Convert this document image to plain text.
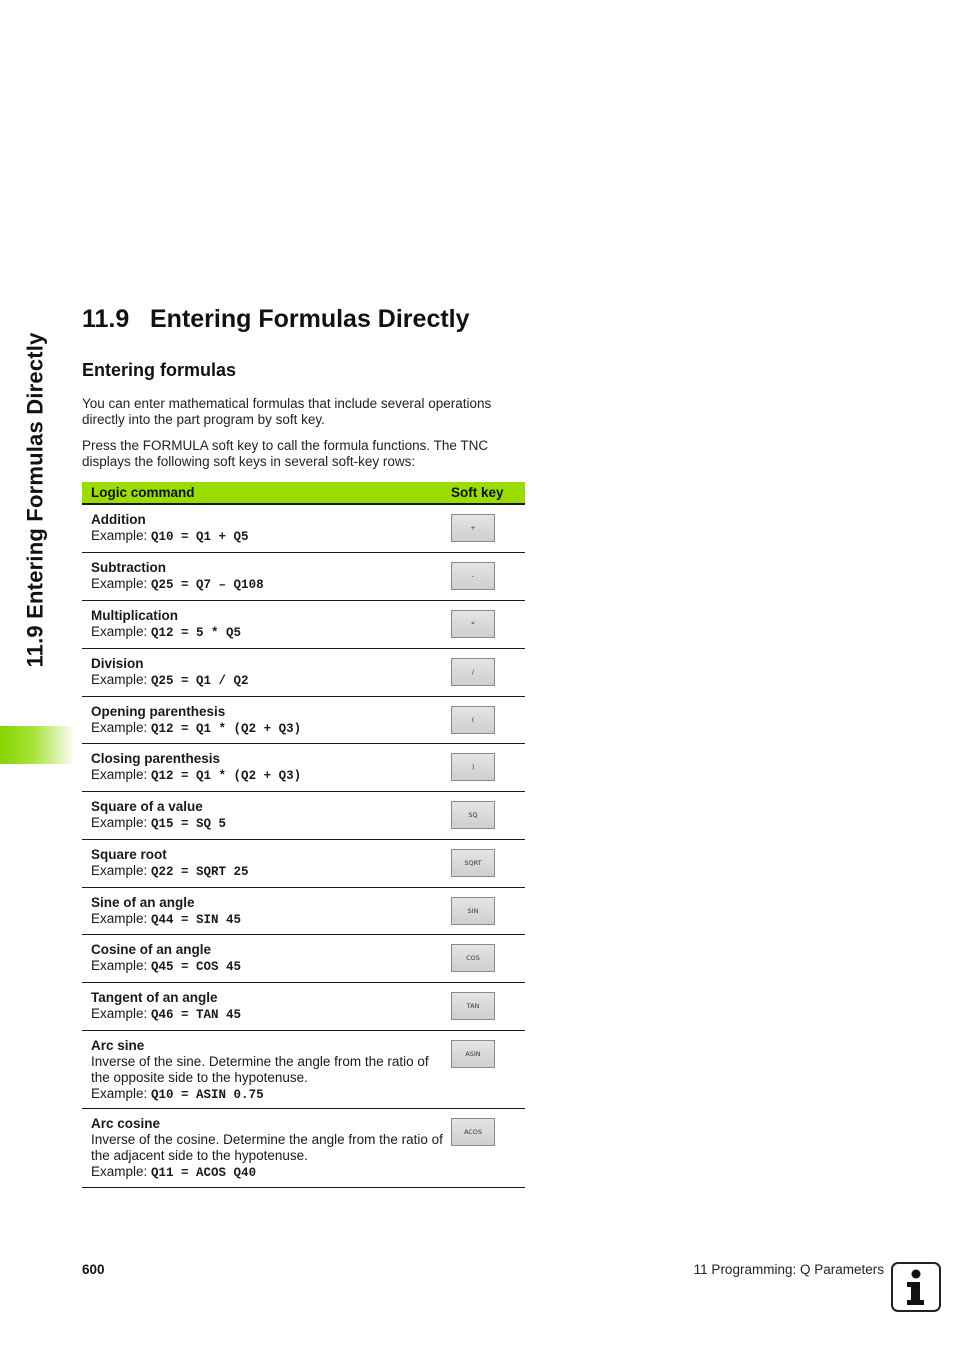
11.9 Entering Formulas Directly
11.9 Entering Formulas Directly
Entering formulas

You can enter mathematical formulas that include several operations directly into the part program by soft key.

Press the FORMULA soft key to call the formula functions. The TNC displays the following soft keys in several soft-key rows:

Logic command	Soft key
Addition
Example: Q10 = Q1 + Q5
+
Subtraction
Example: Q25 = Q7 – Q108
-
Multiplication
Example: Q12 = 5 * Q5
*
Division
Example: Q25 = Q1 / Q2
/
Opening parenthesis
Example: Q12 = Q1 * (Q2 + Q3)
(
Closing parenthesis
Example: Q12 = Q1 * (Q2 + Q3)
)
Square of a value
Example: Q15 = SQ 5
SQ
Square root
Example: Q22 = SQRT 25
SQRT
Sine of an angle
Example: Q44 = SIN 45
SIN
Cosine of an angle
Example: Q45 = COS 45
COS
Tangent of an angle
Example: Q46 = TAN 45
TAN
Arc sine
Inverse of the sine. Determine the angle from the ratio of the opposite side to the hypotenuse.
Example: Q10 = ASIN 0.75
ASIN
Arc cosine
Inverse of the cosine. Determine the angle from the ratio of the adjacent side to the hypotenuse.
Example: Q11 = ACOS Q40
ACOS
600	11 Programming: Q Parameters
